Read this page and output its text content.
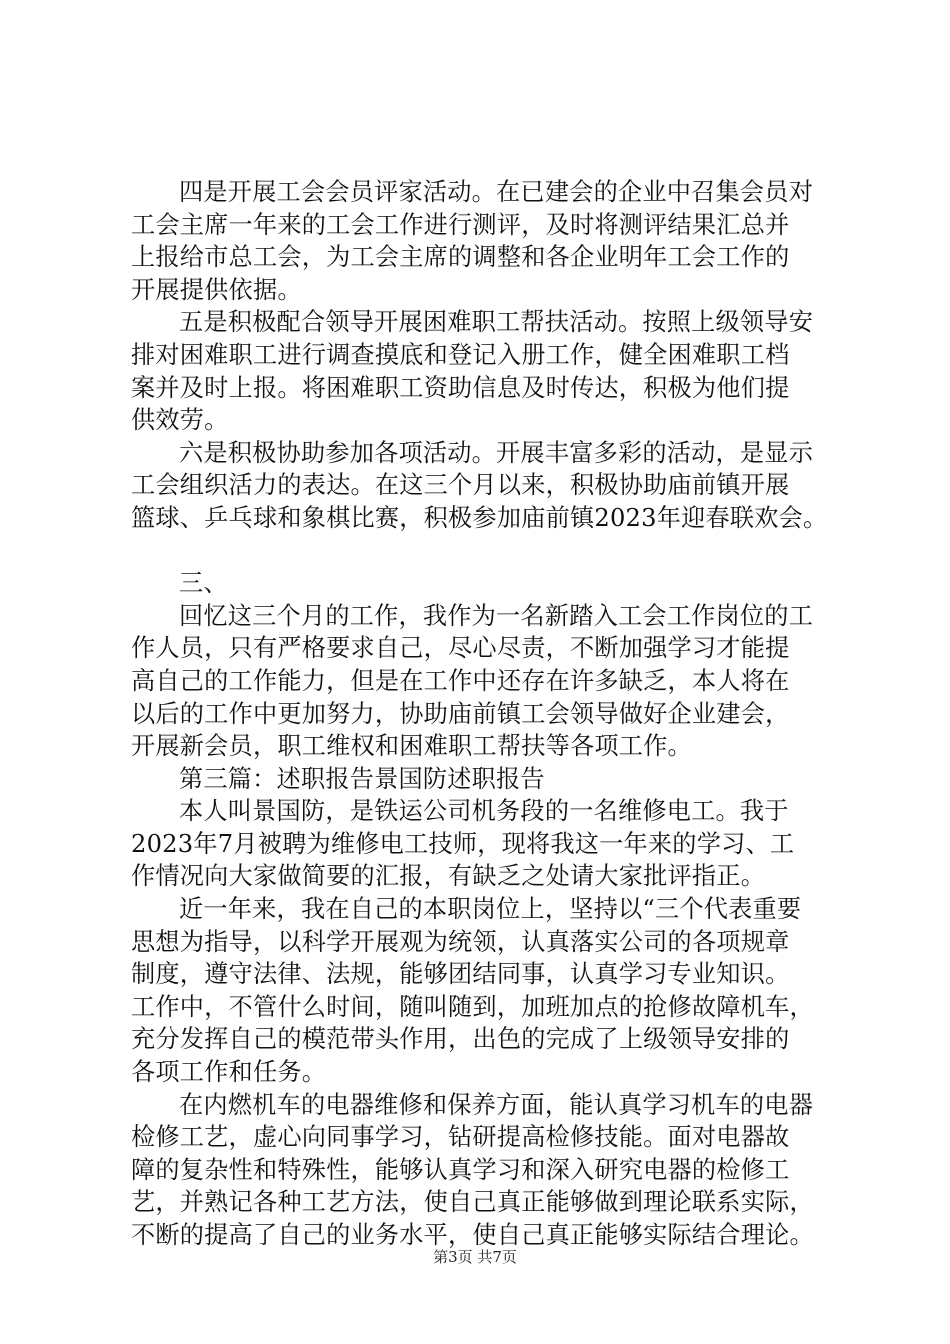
四是开展工会会员评家活动。在已建会的企业中召集会员对
工会主席一年来的工会工作进行测评，及时将测评结果汇总并
上报给市总工会，为工会主席的调整和各企业明年工会工作的
开展提供依据。
五是积极配合领导开展困难职工帮扶活动。按照上级领导安
排对困难职工进行调查摸底和登记入册工作，健全困难职工档
案并及时上报。将困难职工资助信息及时传达，积极为他们提
供效劳。
六是积极协助参加各项活动。开展丰富多彩的活动，是显示
工会组织活力的表达。在这三个月以来，积极协助庙前镇开展
篮球、乒乓球和象棋比赛，积极参加庙前镇2023年迎春联欢会。
三、
回忆这三个月的工作，我作为一名新踏入工会工作岗位的工
作人员，只有严格要求自己，尽心尽责，不断加强学习才能提
高自己的工作能力，但是在工作中还存在许多缺乏，本人将在
以后的工作中更加努力，协助庙前镇工会领导做好企业建会，
开展新会员，职工维权和困难职工帮扶等各项工作。
第三篇：述职报告景国防述职报告
本人叫景国防，是铁运公司机务段的一名维修电工。我于
2023年7月被聘为维修电工技师，现将我这一年来的学习、工
作情况向大家做简要的汇报，有缺乏之处请大家批评指正。
近一年来，我在自己的本职岗位上，坚持以“三个代表重要
思想为指导，以科学开展观为统领，认真落实公司的各项规章
制度，遵守法律、法规，能够团结同事，认真学习专业知识。
工作中，不管什么时间，随叫随到，加班加点的抢修故障机车，
充分发挥自己的模范带头作用，出色的完成了上级领导安排的
各项工作和任务。
在内燃机车的电器维修和保养方面，能认真学习机车的电器
检修工艺，虚心向同事学习，钻研提高检修技能。面对电器故
障的复杂性和特殊性，能够认真学习和深入研究电器的检修工
艺，并熟记各种工艺方法，使自己真正能够做到理论联系实际，
不断的提高了自己的业务水平，使自己真正能够实际结合理论。
第3页 共7页
